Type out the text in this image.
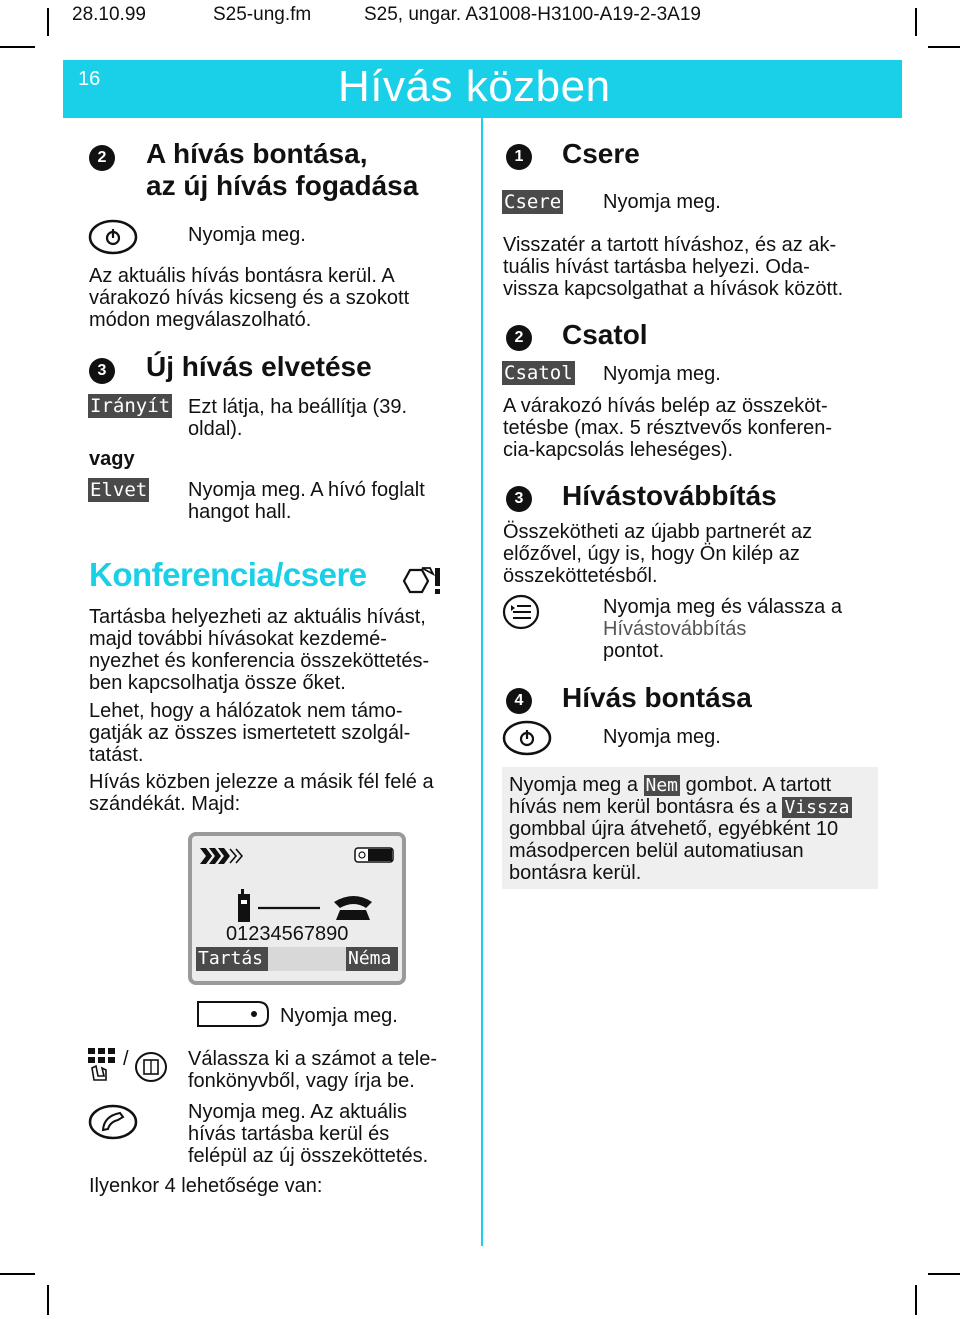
28.10.99	S25-ung.fm	S25, ungar. A31008-H3100-A19-2-3A19
16	Hívás közben
2	A hívás bontása,
az új hívás fogadása
Nyomja meg.
Az aktuális hívás bontásra kerül. A
várakozó hívás kicseng és a szokott
módon megválaszolható.
3	Új hívás elvetése
Irányít Ezt látja, ha beállítja (39.
oldal).
vagy
Elvet Nyomja meg. A hívó foglalt
hangot hall.
Konferencia/csere
Tartásba helyezheti az aktuális hívást,
majd további hívásokat kezdemé-
nyezhet és konferencia összeköttetés-
ben kapcsolhatja össze őket.
Lehet, hogy a hálózatok nem támo-
gatják az összes ismertetett szolgál-
tatást.
Hívás közben jelezze a másik fél felé a
szándékát. Majd:
01234567890
Tartás	Néma
Nyomja meg.
/	Válassza ki a számot a tele-
fonkönyvből, vagy írja be.
Nyomja meg. Az aktuális
hívás tartásba kerül és
felépül az új összeköttetés.
Ilyenkor 4 lehetősége van:
1	Csere
Csere Nyomja meg.
Visszatér a tartott híváshoz, és az ak-
tuális hívást tartásba helyezi. Oda-
vissza kapcsolgathat a hívások között.
2	Csatol
Csatol Nyomja meg.
A várakozó hívás belép az összeköt-
tetésbe (max. 5 résztvevős konferen-
cia-kapcsolás leheséges).
3	Hívástovábbítás
Összekötheti az újabb partnerét az
előzővel, úgy is, hogy Ön kilép az
összeköttetésből.
Nyomja meg és válassza a
Hívástovábbítás
pontot.
4	Hívás bontása
Nyomja meg.
Nyomja meg a Nem gombot. A tartott
hívás nem kerül bontásra és a Vissza
gombbal újra átvehető, egyébként 10
másodpercen belül automatiusan
bontásra kerül.
